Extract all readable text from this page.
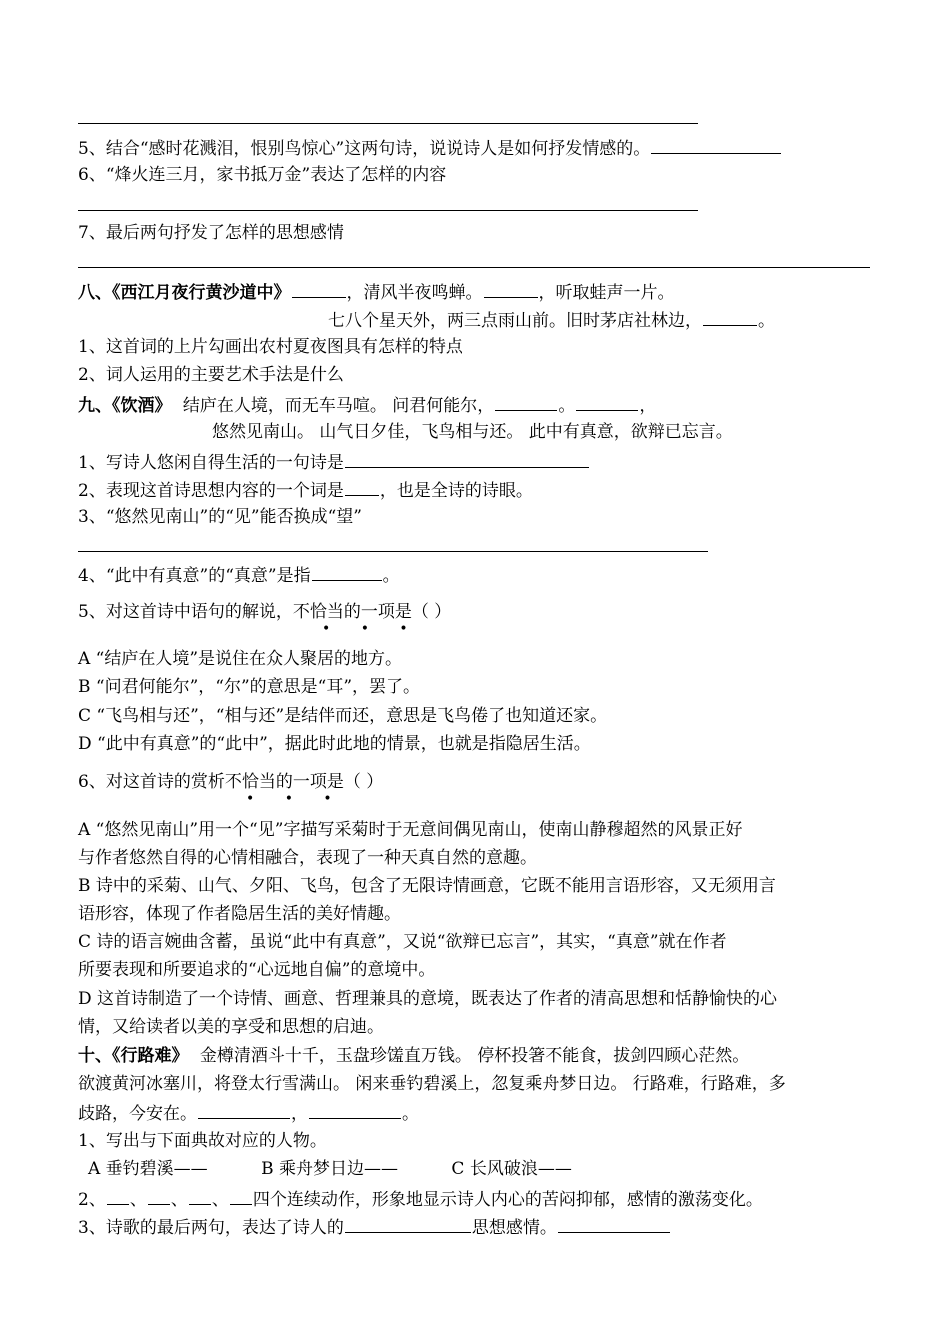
5、结合“感时花溅泪，恨别鸟惊心”这两句诗，说说诗人是如何抒发情感的。
6、“烽火连三月，家书抵万金”表达了怎样的内容
7、最后两句抒发了怎样的思想感情
八、《西江月夜行黄沙道中》	，清风半夜鸣蝉。	，听取蛙声一片。
七八个星天外，两三点雨山前。旧时茅店社林边，	。
1、这首词的上片勾画出农村夏夜图具有怎样的特点
2、词人运用的主要艺术手法是什么
九、《饮酒》 结庐在人境，而无车马喧。 问君何能尔，	。	，
悠然见南山。 山气日夕佳，飞鸟相与还。 此中有真意，欲辩已忘言。
1、写诗人悠闲自得生活的一句诗是
2、表现这首诗思想内容的一个词是 ，也是全诗的诗眼。
3、“悠然见南山”的“见”能否换成“望”
4、“此中有真意”的“真意”是指	。
5、对这首诗中语句的解说，不恰当的一项是（ ）
• • •
A “结庐在人境”是说住在众人聚居的地方。
B “问君何能尔”，“尔”的意思是“耳”，罢了。
C “飞鸟相与还”，“相与还”是结伴而还，意思是飞鸟倦了也知道还家。
D “此中有真意”的“此中”，据此时此地的情景，也就是指隐居生活。
6、对这首诗的赏析不恰当的一项是（ ）
• • •
A “悠然见南山”用一个“见”字描写采菊时于无意间偶见南山，使南山静穆超然的风景正好
与作者悠然自得的心情相融合，表现了一种天真自然的意趣。
B 诗中的采菊、山气、夕阳、飞鸟，包含了无限诗情画意，它既不能用言语形容，又无须用言
语形容，体现了作者隐居生活的美好情趣。
C 诗的语言婉曲含蓄，虽说“此中有真意”，又说“欲辩已忘言”，其实，“真意”就在作者
所要表现和所要追求的“心远地自偏”的意境中。
D 这首诗制造了一个诗情、画意、哲理兼具的意境，既表达了作者的清高思想和恬静愉快的心
情，又给读者以美的享受和思想的启迪。
十、《行路难》 金樽清酒斗十千，玉盘珍馐直万钱。 停杯投箸不能食，拔剑四顾心茫然。
欲渡黄河冰塞川，将登太行雪满山。 闲来垂钓碧溪上，忽复乘舟梦日边。 行路难，行路难，多
歧路，今安在。	，	。
1、写出与下面典故对应的人物。
A 垂钓碧溪——	B 乘舟梦日边——	C 长风破浪——
2、 、 、 、 四个连续动作，形象地显示诗人内心的苦闷抑郁，感情的激荡变化。
3、诗歌的最后两句，表达了诗人的	思想感情。
